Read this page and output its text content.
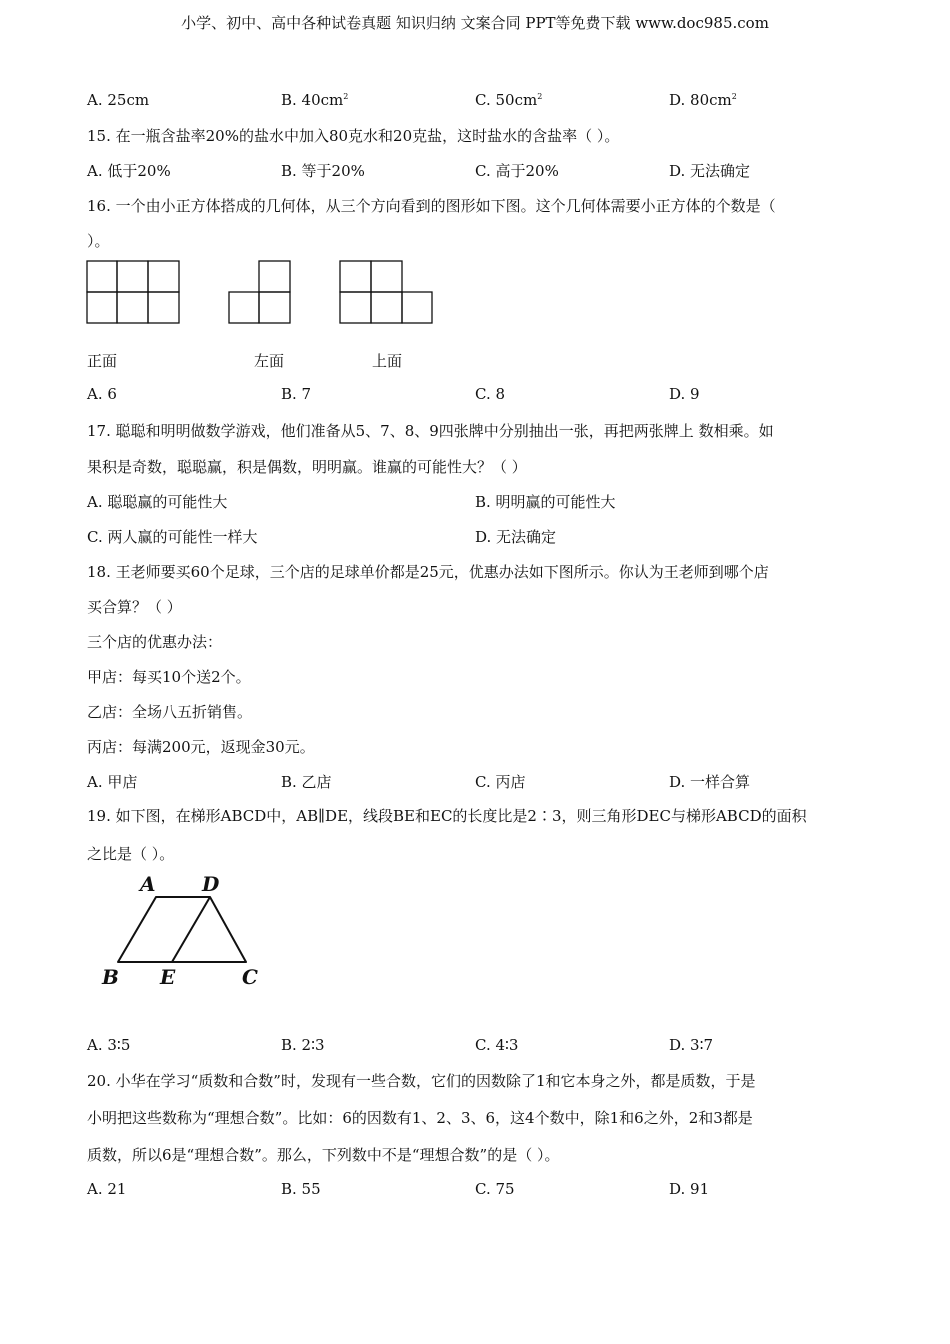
小学、初中、高中各种试卷真题 知识归纳 文案合同 PPT等免费下载 www.doc985.com
A. 25cm	B. $40cm^2$	C. $50cm^2$	D. $80cm^2$
15. 在一瓶含盐率20%的盐水中加入80克水和20克盐，这时盐水的含盐率（ ）。
A. 低于20%	B. 等于20%	C. 高于20%	D. 无法确定
16. 一个由小正方体搭成的几何体，从三个方向看到的图形如下图。这个几何体需要小正方体的个数是（
）。
正面	左面	上面
A. 6	B. 7	C. 8	D. 9
17. 聪聪和明明做数学游戏，他们准备从5、7、8、9四张牌中分别抽出一张，再把两张牌上 数相乘。如
果积是奇数，聪聪赢，积是偶数，明明赢。谁赢的可能性大？（ ）
A. 聪聪赢的可能性大	B. 明明赢的可能性大
C. 两人赢的可能性一样大	D. 无法确定
18. 王老师要买60个足球，三个店的足球单价都是25元，优惠办法如下图所示。你认为王老师到哪个店
买合算？（ ）
三个店的优惠办法：
甲店：每买10个送2个。
乙店：全场八五折销售。
丙店：每满200元，返现金30元。
A. 甲店	B. 乙店	C. 丙店	D. 一样合算
19. 如下图，在梯形ABCD中，AB∥DE，线段BE和EC的长度比是2∶3，则三角形DEC与梯形ABCD的面积
之比是（ ）。
A D
B E	C
A. 3∶5	B. 2∶3	C. 4∶3	D. 3∶7
20. 小华在学习“质数和合数”时，发现有一些合数，它们的因数除了1和它本身之外，都是质数，于是
小明把这些数称为“理想合数”。比如：6的因数有1、2、3、6，这4个数中，除1和6之外，2和3都是
质数，所以6是“理想合数”。那么，下列数中不是“理想合数”的是（ ）。
A. 21	B. 55	C. 75	D. 91
